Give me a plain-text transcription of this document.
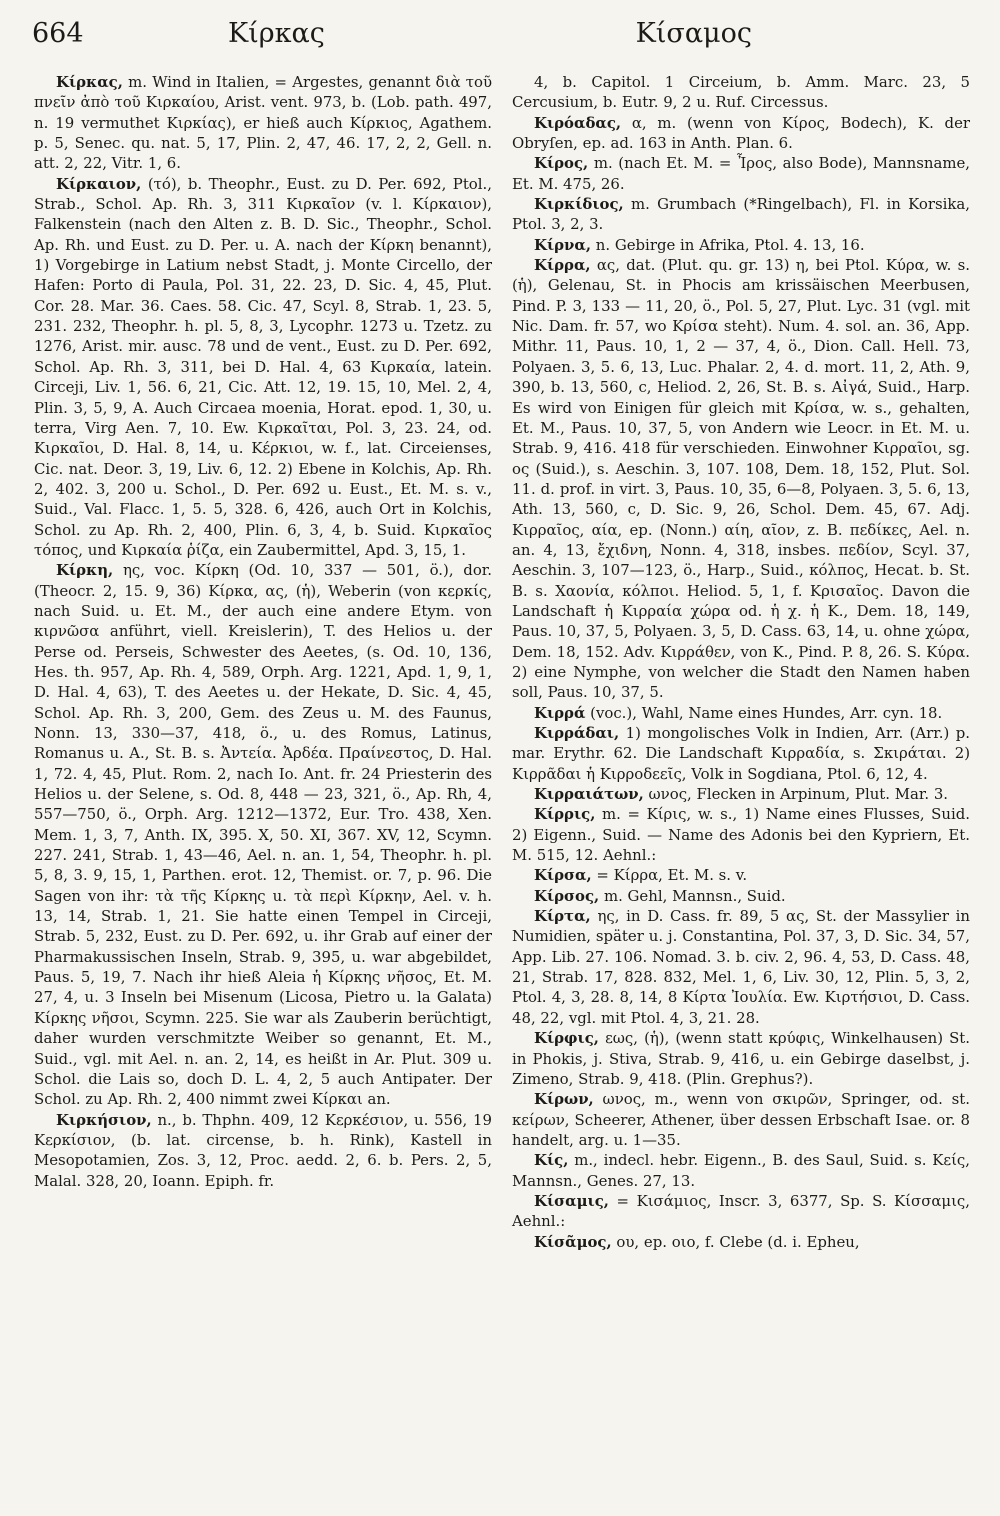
664	Κίρκας	Κίσαμος

Κίρκας, m. Wind in Italien, = Argestes, genannt διὰ τοῦ πνεῖν ἀπὸ τοῦ Κιρκαίου, Arist. vent. 973, b. (Lob. path. 497, n. 19 vermuthet Κιρκίας), er hieß auch Κίρκιος, Agathem. p. 5, Senec. qu. nat. 5, 17, Plin. 2, 47, 46. 17, 2, 2, Gell. n. att. 2, 22, Vitr. 1, 6.

Κίρκαιον, (τό), b. Theophr., Eust. zu D. Per. 692, Ptol., Strab., Schol. Ap. Rh. 3, 311 Κιρκαῖον (v. l. Κίρκαιον), Falkenstein (nach den Alten z. B. D. Sic., Theophr., Schol. Ap. Rh. und Eust. zu D. Per. u. A. nach der Κίρκη benannt), 1) Vorgebirge in Latium nebst Stadt, j. Monte Circello, der Hafen: Porto di Paula, Pol. 31, 22. 23, D. Sic. 4, 45, Plut. Cor. 28. Mar. 36. Caes. 58. Cic. 47, Scyl. 8, Strab. 1, 23. 5, 231. 232, Theophr. h. pl. 5, 8, 3, Lycophr. 1273 u. Tzetz. zu 1276, Arist. mir. ausc. 78 und de vent., Eust. zu D. Per. 692, Schol. Ap. Rh. 3, 311, bei D. Hal. 4, 63 Κιρκαία, latein. Circeji, Liv. 1, 56. 6, 21, Cic. Att. 12, 19. 15, 10, Mel. 2, 4, Plin. 3, 5, 9, A. Auch Circaea moenia, Horat. epod. 1, 30, u. terra, Virg Aen. 7, 10. Ew. Κιρκαῖται, Pol. 3, 23. 24, od. Κιρκαῖοι, D. Hal. 8, 14, u. Κέρκιοι, w. f., lat. Circeienses, Cic. nat. Deor. 3, 19, Liv. 6, 12. 2) Ebene in Kolchis, Ap. Rh. 2, 402. 3, 200 u. Schol., D. Per. 692 u. Eust., Et. M. s. v., Suid., Val. Flacc. 1, 5. 5, 328. 6, 426, auch Ort in Kolchis, Schol. zu Ap. Rh. 2, 400, Plin. 6, 3, 4, b. Suid. Κιρκαῖος τόπος, und Κιρκαία ῥίζα, ein Zaubermittel, Apd. 3, 15, 1.

Κίρκη, ης, voc. Κίρκη (Od. 10, 337 — 501, ö.), dor. (Theocr. 2, 15. 9, 36) Κίρκα, ας, (ἡ), Weberin (von κερκίς, nach Suid. u. Et. M., der auch eine andere Etym. von κιρνῶσα anführt, viell. Kreislerin), T. des Helios u. der Perse od. Perseis, Schwester des Aeetes, (s. Od. 10, 136, Hes. th. 957, Ap. Rh. 4, 589, Orph. Arg. 1221, Apd. 1, 9, 1, D. Hal. 4, 63), T. des Aeetes u. der Hekate, D. Sic. 4, 45, Schol. Ap. Rh. 3, 200, Gem. des Zeus u. M. des Faunus, Nonn. 13, 330—37, 418, ö., u. des Romus, Latinus, Romanus u. A., St. B. s. Ἀντεία. Ἀρδέα. Πραίνεστος, D. Hal. 1, 72. 4, 45, Plut. Rom. 2, nach Io. Ant. fr. 24 Priesterin des Helios u. der Selene, s. Od. 8, 448 — 23, 321, ö., Ap. Rh, 4, 557—750, ö., Orph. Arg. 1212—1372, Eur. Tro. 438, Xen. Mem. 1, 3, 7, Anth. IX, 395. X, 50. XI, 367. XV, 12, Scymn. 227. 241, Strab. 1, 43—46, Ael. n. an. 1, 54, Theophr. h. pl. 5, 8, 3. 9, 15, 1, Parthen. erot. 12, Themist. or. 7, p. 96. Die Sagen von ihr: τὰ τῆς Κίρκης u. τὰ περὶ Κίρκην, Ael. v. h. 13, 14, Strab. 1, 21. Sie hatte einen Tempel in Circeji, Strab. 5, 232, Eust. zu D. Per. 692, u. ihr Grab auf einer der Pharmakussischen Inseln, Strab. 9, 395, u. war abgebildet, Paus. 5, 19, 7. Nach ihr hieß Aleia ἡ Κίρκης νῆσος, Et. M. 27, 4, u. 3 Inseln bei Misenum (Licosa, Pietro u. la Galata) Κίρκης νῆσοι, Scymn. 225. Sie war als Zauberin berüchtigt, daher wurden verschmitzte Weiber so genannt, Et. M., Suid., vgl. mit Ael. n. an. 2, 14, es heißt in Ar. Plut. 309 u. Schol. die Lais so, doch D. L. 4, 2, 5 auch Antipater. Der Schol. zu Ap. Rh. 2, 400 nimmt zwei Κίρκαι an.

Κιρκήσιον, n., b. Thphn. 409, 12 Κερκέσιον, u. 556, 19 Κερκίσιον, (b. lat. circense, b. h. Rink), Kastell in Mesopotamien, Zos. 3, 12, Proc. aedd. 2, 6. b. Pers. 2, 5, Malal. 328, 20, Ioann. Epiph. fr.

4, b. Capitol. 1 Circeium, b. Amm. Marc. 23, 5 Cercusium, b. Eutr. 9, 2 u. Ruf. Circessus.

Κιρόαδας, α, m. (wenn von Κίρος, Bodech), K. der Obryſen, ep. ad. 163 in Anth. Plan. 6.

Κίρος, m. (nach Et. M. = Ἶρος, also Bode), Mannsname, Et. M. 475, 26.

Κιρκίδιος, m. Grumbach (*Ringelbach), Fl. in Korsika, Ptol. 3, 2, 3.

Κίρνα, n. Gebirge in Afrika, Ptol. 4. 13, 16.

Κίρρα, ας, dat. (Plut. qu. gr. 13) η, bei Ptol. Κύρα, w. s. (ἡ), Gelenau, St. in Phocis am krissäischen Meerbusen, Pind. P. 3, 133 — 11, 20, ö., Pol. 5, 27, Plut. Lyc. 31 (vgl. mit Nic. Dam. fr. 57, wo Κρίσα steht). Num. 4. sol. an. 36, App. Mithr. 11, Paus. 10, 1, 2 — 37, 4, ö., Dion. Call. Hell. 73, Polyaen. 3, 5. 6, 13, Luc. Phalar. 2, 4. d. mort. 11, 2, Ath. 9, 390, b. 13, 560, c, Heliod. 2, 26, St. B. s. Αἰγά, Suid., Harp. Es wird von Einigen für gleich mit Κρίσα, w. s., gehalten, Et. M., Paus. 10, 37, 5, von Andern wie Leocr. in Et. M. u. Strab. 9, 416. 418 für verschieden. Einwohner Κιρραῖοι, sg. ος (Suid.), s. Aeschin. 3, 107. 108, Dem. 18, 152, Plut. Sol. 11. d. prof. in virt. 3, Paus. 10, 35, 6—8, Polyaen. 3, 5. 6, 13, Ath. 13, 560, c, D. Sic. 9, 26, Schol. Dem. 45, 67. Adj. Κιρραῖος, αία, ep. (Nonn.) αίη, αῖον, z. B. πεδίκες, Ael. n. an. 4, 13, ἔχιδνη, Nonn. 4, 318, insbes. πεδίον, Scyl. 37, Aeschin. 3, 107—123, ö., Harp., Suid., κόλπος, Hecat. b. St. B. s. Χαονία, κόλποι. Heliod. 5, 1, f. Κρισαῖος. Davon die Landschaft ἡ Κιρραία χώρα od. ἡ χ. ἡ Κ., Dem. 18, 149, Paus. 10, 37, 5, Polyaen. 3, 5, D. Cass. 63, 14, u. ohne χώρα, Dem. 18, 152. Adv. Κιρράθεν, von K., Pind. P. 8, 26. S. Κύρα. 2) eine Nymphe, von welcher die Stadt den Namen haben soll, Paus. 10, 37, 5.

Κιρρά (voc.), Wahl, Name eines Hundes, Arr. cyn. 18.

Κιρράδαι, 1) mongolisches Volk in Indien, Arr. (Arr.) p. mar. Erythr. 62. Die Landschaft Κιρραδία, s. Σκιράται. 2) Κιρρᾶδαι ἡ Κιρροδεεῖς, Volk in Sogdiana, Ptol. 6, 12, 4.

Κιρραιάτων, ωνος, Flecken in Arpinum, Plut. Mar. 3.

Κίρρις, m. = Κίρις, w. s., 1) Name eines Flusses, Suid. 2) Eigenn., Suid. — Name des Adonis bei den Kypriern, Et. M. 515, 12. Aehnl.:

Κίρσα, = Κίρρα, Et. M. s. v.

Κίρσος, m. Gehl, Mannsn., Suid.

Κίρτα, ης, in D. Cass. fr. 89, 5 ας, St. der Massylier in Numidien, später u. j. Constantina, Pol. 37, 3, D. Sic. 34, 57, App. Lib. 27. 106. Nomad. 3. b. civ. 2, 96. 4, 53, D. Cass. 48, 21, Strab. 17, 828. 832, Mel. 1, 6, Liv. 30, 12, Plin. 5, 3, 2, Ptol. 4, 3, 28. 8, 14, 8 Κίρτα Ἰουλία. Ew. Κιρτήσιοι, D. Cass. 48, 22, vgl. mit Ptol. 4, 3, 21. 28.

Κίρφις, εως, (ἡ), (wenn statt κρύφις, Winkelhausen) St. in Phokis, j. Stiva, Strab. 9, 416, u. ein Gebirge daselbst, j. Zimeno, Strab. 9, 418. (Plin. Grephus?).

Κίρων, ωνος, m., wenn von σκιρῶν, Springer, od. st. κείρων, Scheerer, Athener, über dessen Erbschaft Isae. or. 8 handelt, arg. u. 1—35.

Κίς, m., indecl. hebr. Eigenn., B. des Saul, Suid. s. Κείς, Mannsn., Genes. 27, 13.

Κίσαμις, = Κισάμιος, Inscr. 3, 6377, Sp. S. Κίσσαμις, Aehnl.:

Κίσᾶμος, ου, ep. οιο, f. Clebe (d. i. Epheu,
